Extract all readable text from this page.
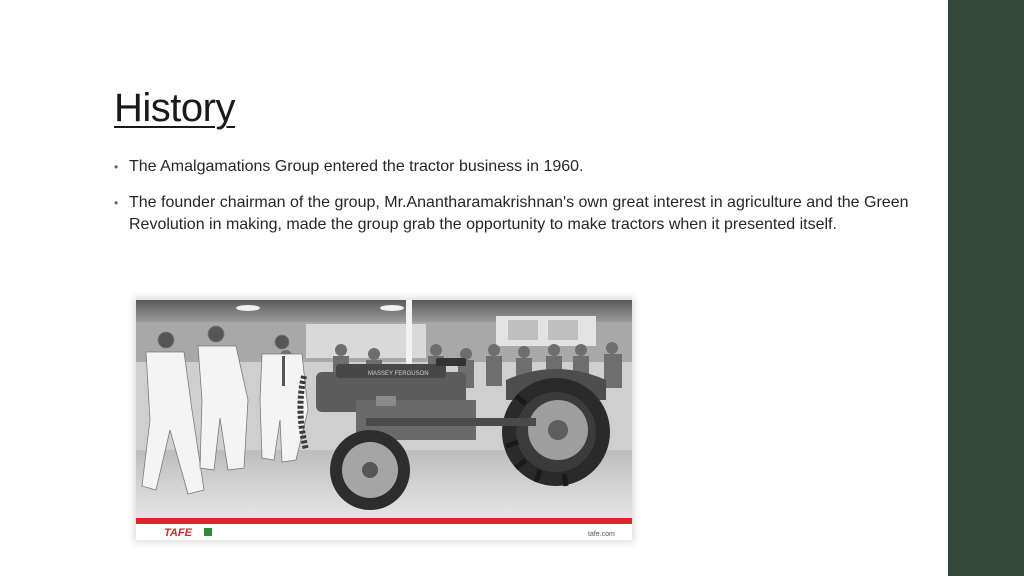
History
• The Amalgamations Group entered the tractor business in 1960.
• The founder chairman of the group, Mr.Anantharamakrishnan's own great interest in agriculture and the Green Revolution in making, made the group grab the opportunity to make tractors when it presented itself.
MASSEY FERGUSON
TAFE	tafe.com
